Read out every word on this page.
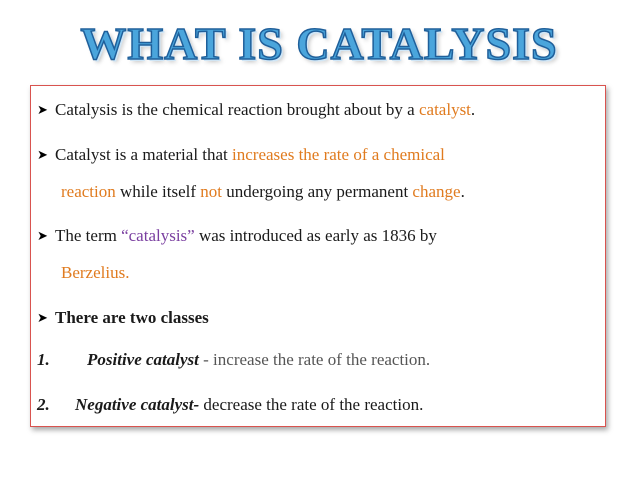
WHAT IS CATALYSIS
➤ Catalysis is the chemical reaction brought about by a catalyst.
➤ Catalyst is a material that increases the rate of a chemical
reaction while itself not undergoing any permanent change.
➤ The term “catalysis” was introduced as early as 1836 by
Berzelius.
➤ There are two classes
1. Positive catalyst - increase the rate of the reaction.
2. Negative catalyst- decrease the rate of the reaction.
